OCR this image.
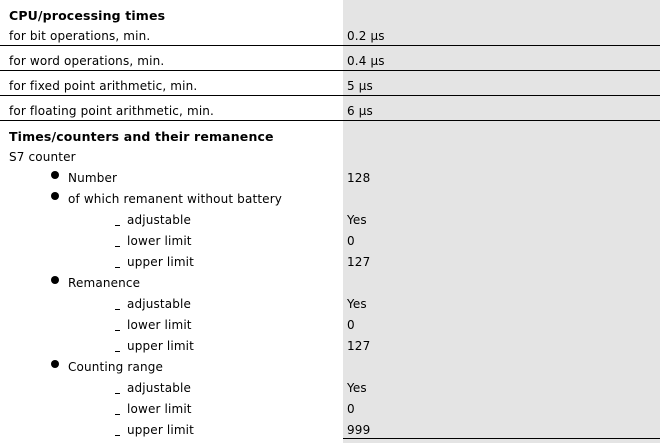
CPU/processing times
for bit operations, min.	0.2 μs
for word operations, min.	0.4 μs
for fixed point arithmetic, min.	5 μs
for floating point arithmetic, min.	6 μs
Times/counters and their remanence
S7 counter
Number	128
of which remanent without battery
adjustable	Yes
lower limit	0
upper limit	127
Remanence
adjustable	Yes
lower limit	0
upper limit	127
Counting range
adjustable	Yes
lower limit	0
upper limit	999
